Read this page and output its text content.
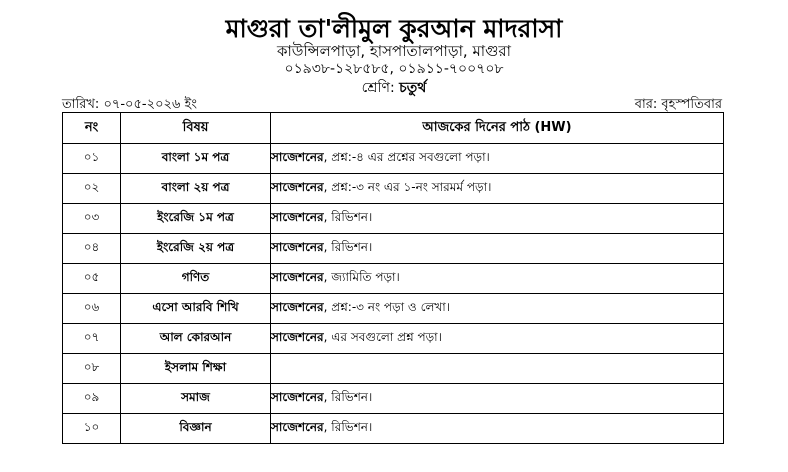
মাগুরা তা'লীমুল কুরআন মাদরাসা
কাউন্সিলপাড়া, হাসপাতালপাড়া, মাগুরা
০১৯৩৮-১২৮৫৮৫, ০১৯১১-৭০০৭০৮
শ্রেণি: চতুর্থ
তারিখ: ০৭-০৫-২০২৬ ইং	বার: বৃহস্পতিবার
নং	বিষয়	আজকের দিনের পাঠ (HW)
০১	বাংলা ১ম পত্র	সাজেশনের, প্রশ্ন:-৪ এর প্রশ্নের সবগুলো পড়া।
০২	বাংলা ২য় পত্র	সাজেশনের, প্রশ্ন:-৩ নং এর ১-নং সারমর্ম পড়া।
০৩	ইংরেজি ১ম পত্র	সাজেশনের, রিভিশন।
০৪	ইংরেজি ২য় পত্র	সাজেশনের, রিভিশন।
০৫	গণিত	সাজেশনের, জ্যামিতি পড়া।
০৬	এসো আরবি শিখি	সাজেশনের, প্রশ্ন:-৩ নং পড়া ও লেখা।
০৭	আল কোরআন	সাজেশনের, এর সবগুলো প্রশ্ন পড়া।
০৮	ইসলাম শিক্ষা	
০৯	সমাজ	সাজেশনের, রিভিশন।
১০	বিজ্ঞান	সাজেশনের, রিভিশন।
